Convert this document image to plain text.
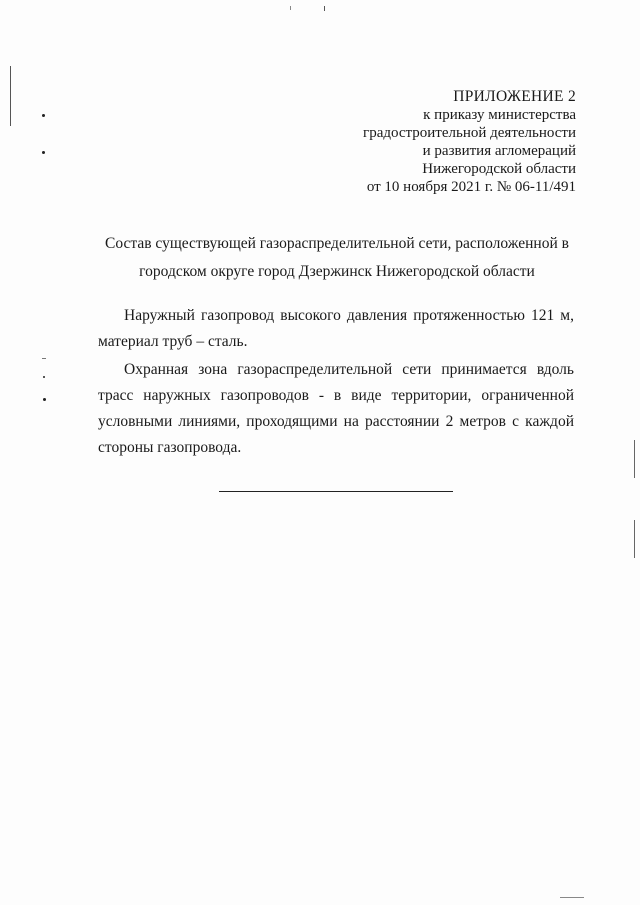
ПРИЛОЖЕНИЕ 2
к приказу министерства
градостроительной деятельности
и развития агломераций
Нижегородской области
от 10 ноября 2021 г. № 06-11/491
Состав существующей газораспределительной сети, расположенной в
городском округе город Дзержинск Нижегородской области
Наружный газопровод высокого давления протяженностью 121 м, материал труб – сталь.
Охранная зона газораспределительной сети принимается вдоль трасс наружных газопроводов - в виде территории, ограниченной условными линиями, проходящими на расстоянии 2 метров с каждой стороны газопровода.
